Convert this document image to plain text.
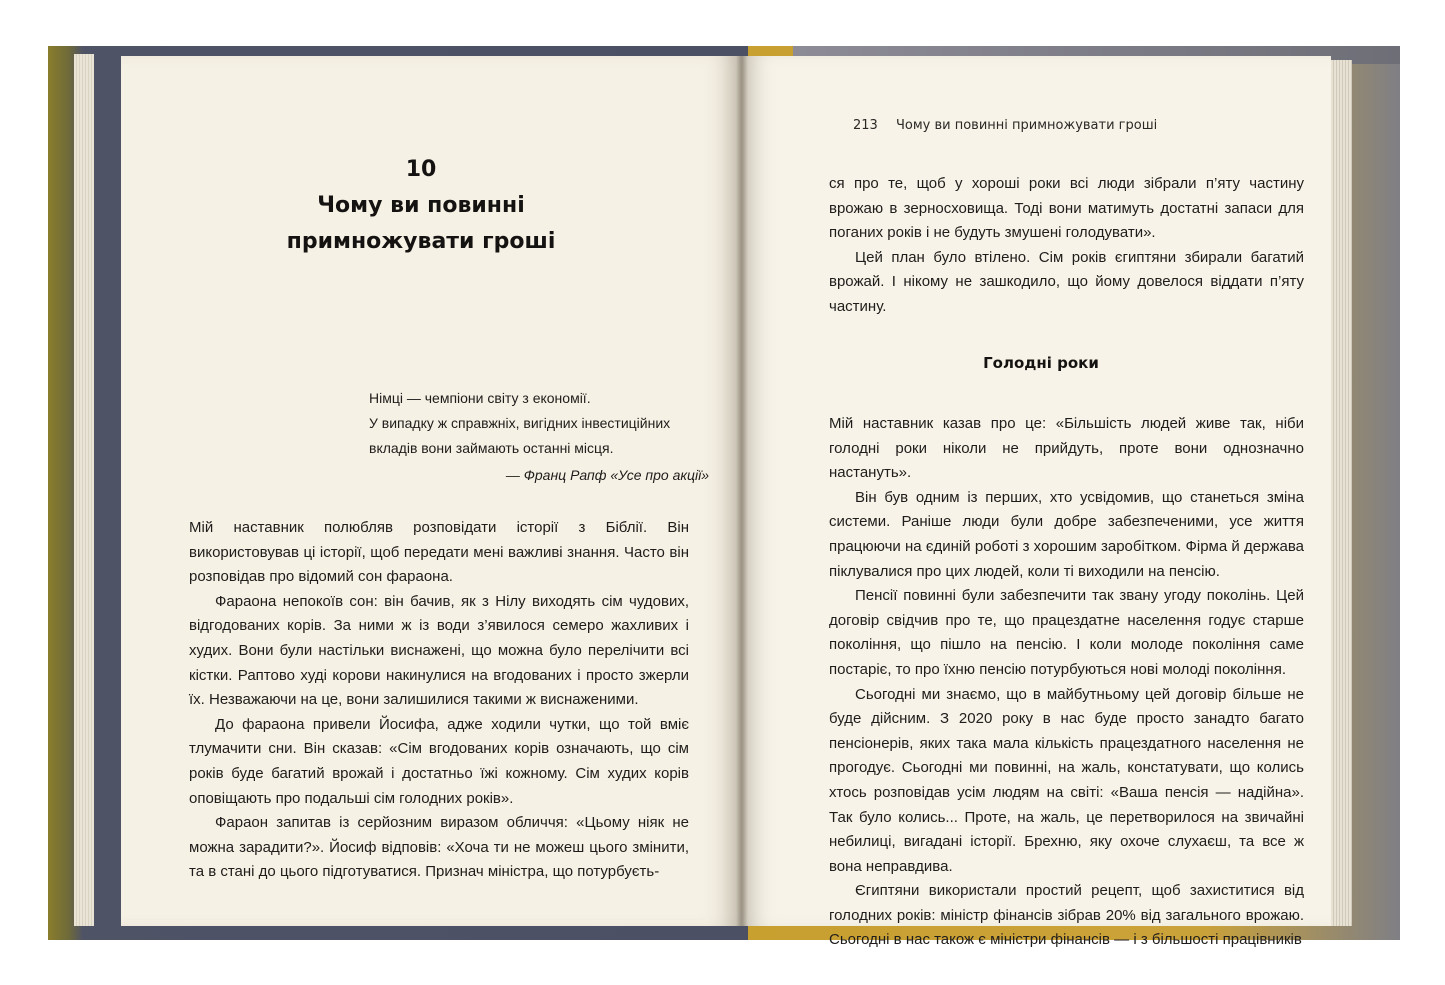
10
Чому ви повинні
примножувати гроші

Німці — чемпіони світу з економії.

У випадку ж справжніх, вигідних інвестиційних

вкладів вони займають останні місця.

— Франц Рапф «Усе про акції»

Мій наставник полюбляв розповідати історії з Біблії. Він використовував ці історії, щоб передати мені важливі знання. Часто він розповідав про відомий сон фараона.

Фараона непокоїв сон: він бачив, як з Нілу виходять сім чудових, відгодованих корів. За ними ж із води з’явилося семеро жахливих і худих. Вони були настільки виснажені, що можна було перелічити всі кістки. Раптово худі корови накинулися на вгодованих і просто зжерли їх. Незважаючи на це, вони залишилися такими ж виснаженими.

До фараона привели Йосифа, адже ходили чутки, що той вміє тлумачити сни. Він сказав: «Сім вгодованих корів означають, що сім років буде багатий врожай і достатньо їжі кожному. Сім худих корів оповіщають про подальші сім голодних років».

Фараон запитав із серйозним виразом обличчя: «Цьому ніяк не можна зарадити?». Йосиф відповів: «Хоча ти не можеш цього змінити, та в стані до цього підготуватися. Признач міністра, що потурбуєть-

213 Чому ви повинні примножувати гроші

ся про те, щоб у хороші роки всі люди зібрали п’яту частину врожаю в зерносховища. Тоді вони матимуть достатні запаси для поганих років і не будуть змушені голодувати».

Цей план було втілено. Сім років єгиптяни збирали багатий врожай. І нікому не зашкодило, що йому довелося віддати п’яту частину.

Голодні роки

Мій наставник казав про це: «Більшість людей живе так, ніби голодні роки ніколи не прийдуть, проте вони однозначно настануть».

Він був одним із перших, хто усвідомив, що станеться зміна системи. Раніше люди були добре забезпеченими, усе життя працюючи на єдиній роботі з хорошим заробітком. Фірма й держава піклувалися про цих людей, коли ті виходили на пенсію.

Пенсії повинні були забезпечити так звану угоду поколінь. Цей договір свідчив про те, що працездатне населення годує старше покоління, що пішло на пенсію. І коли молоде покоління саме постаріє, то про їхню пенсію потурбуються нові молоді покоління.

Сьогодні ми знаємо, що в майбутньому цей договір більше не буде дійсним. З 2020 року в нас буде просто занадто багато пенсіонерів, яких така мала кількість працездатного населення не прогодує. Сьогодні ми повинні, на жаль, констатувати, що колись хтось розповідав усім людям на світі: «Ваша пенсія — надійна». Так було колись... Проте, на жаль, це перетворилося на звичайні небилиці, вигадані історії. Брехню, яку охоче слухаєш, та все ж вона неправдива.

Єгиптяни використали простий рецепт, щоб захиститися від голодних років: міністр фінансів зібрав 20% від загального врожаю. Сьогодні в нас також є міністри фінансів — і з більшості працівників
